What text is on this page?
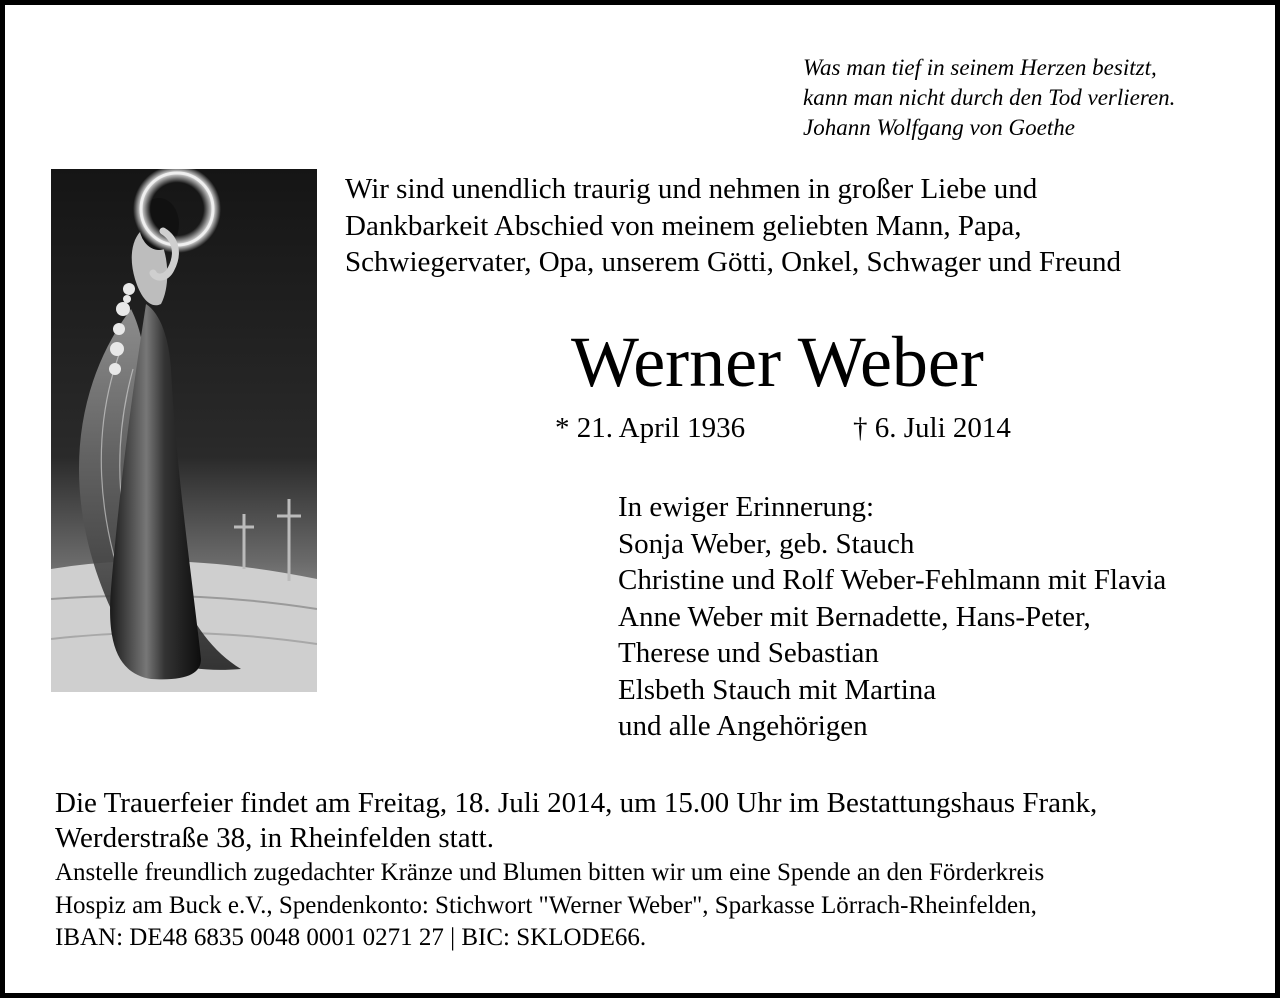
Was man tief in seinem Herzen besitzt,
kann man nicht durch den Tod verlieren.
Johann Wolfgang von Goethe
Wir sind unendlich traurig und nehmen in großer Liebe und
Dankbarkeit Abschied von meinem geliebten Mann, Papa,
Schwiegervater, Opa, unserem Götti, Onkel, Schwager und Freund
Werner Weber
* 21. April 1936	† 6. Juli 2014
In ewiger Erinnerung:
Sonja Weber, geb. Stauch
Christine und Rolf Weber-Fehlmann mit Flavia
Anne Weber mit Bernadette, Hans-Peter,
Therese und Sebastian
Elsbeth Stauch mit Martina
und alle Angehörigen
Die Trauerfeier findet am Freitag, 18. Juli 2014, um 15.00 Uhr im Bestattungshaus Frank,
Werderstraße 38, in Rheinfelden statt.
Anstelle freundlich zugedachter Kränze und Blumen bitten wir um eine Spende an den Förderkreis
Hospiz am Buck e.V., Spendenkonto: Stichwort "Werner Weber", Sparkasse Lörrach-Rheinfelden,
IBAN: DE48 6835 0048 0001 0271 27 | BIC: SKLODE66.
